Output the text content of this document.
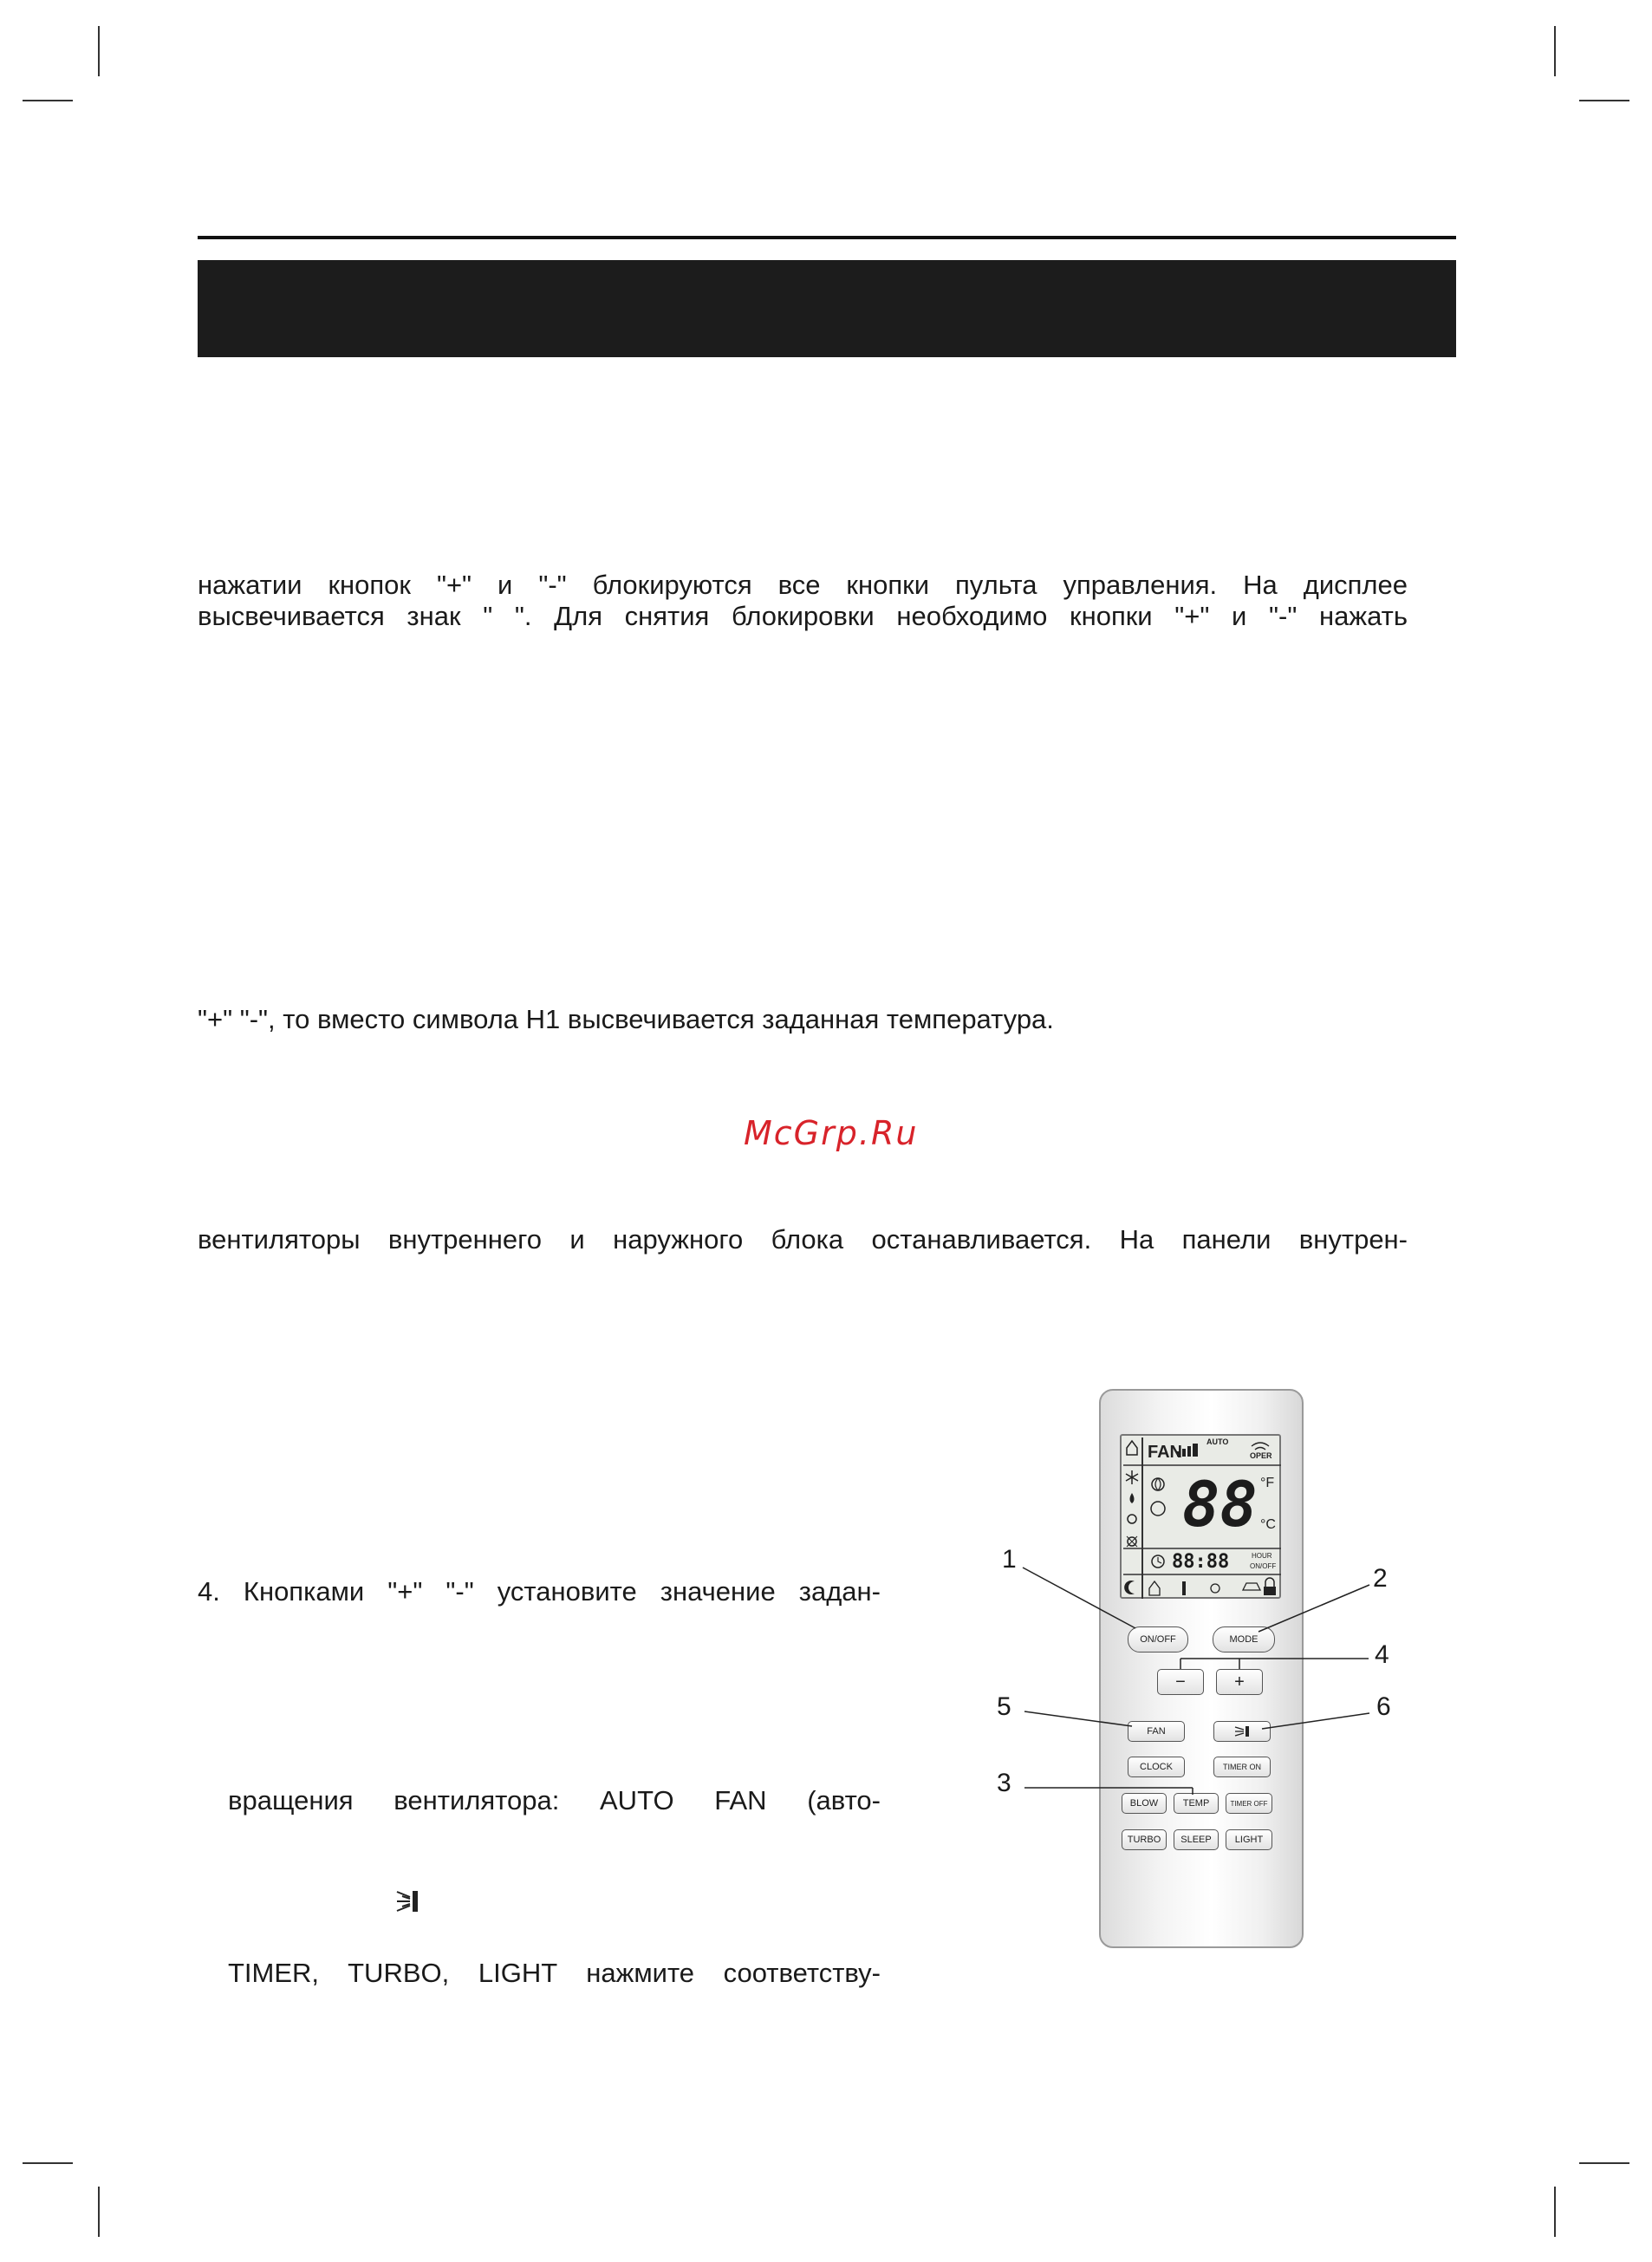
нажатии кнопок "+" и "-" блокируются все кнопки пульта управления. На дисплее
высвечивается знак " ". Для снятия блокировки необходимо кнопки "+" и "-" нажать
"+" "-", то вместо символа Н1 высвечивается заданная температура.
McGrp.Ru
вентиляторы внутреннего и наружного блока останавливается. На панели внутрен-
4. Кнопками "+" "-" установите значение задан-
вращения вентилятора: AUTO FAN (авто-
TIMER, TURBO, LIGHT нажмите соответству-
FAN
AUTO
OPER
88 °F
°C
88:88	HOUR
ON/OFF
ON/OFF	MODE
−	+
FAN
CLOCK	TIMER ON
BLOW	TEMP	TIMER OFF
TURBO	SLEEP	LIGHT
1
2
4
5	6
3
